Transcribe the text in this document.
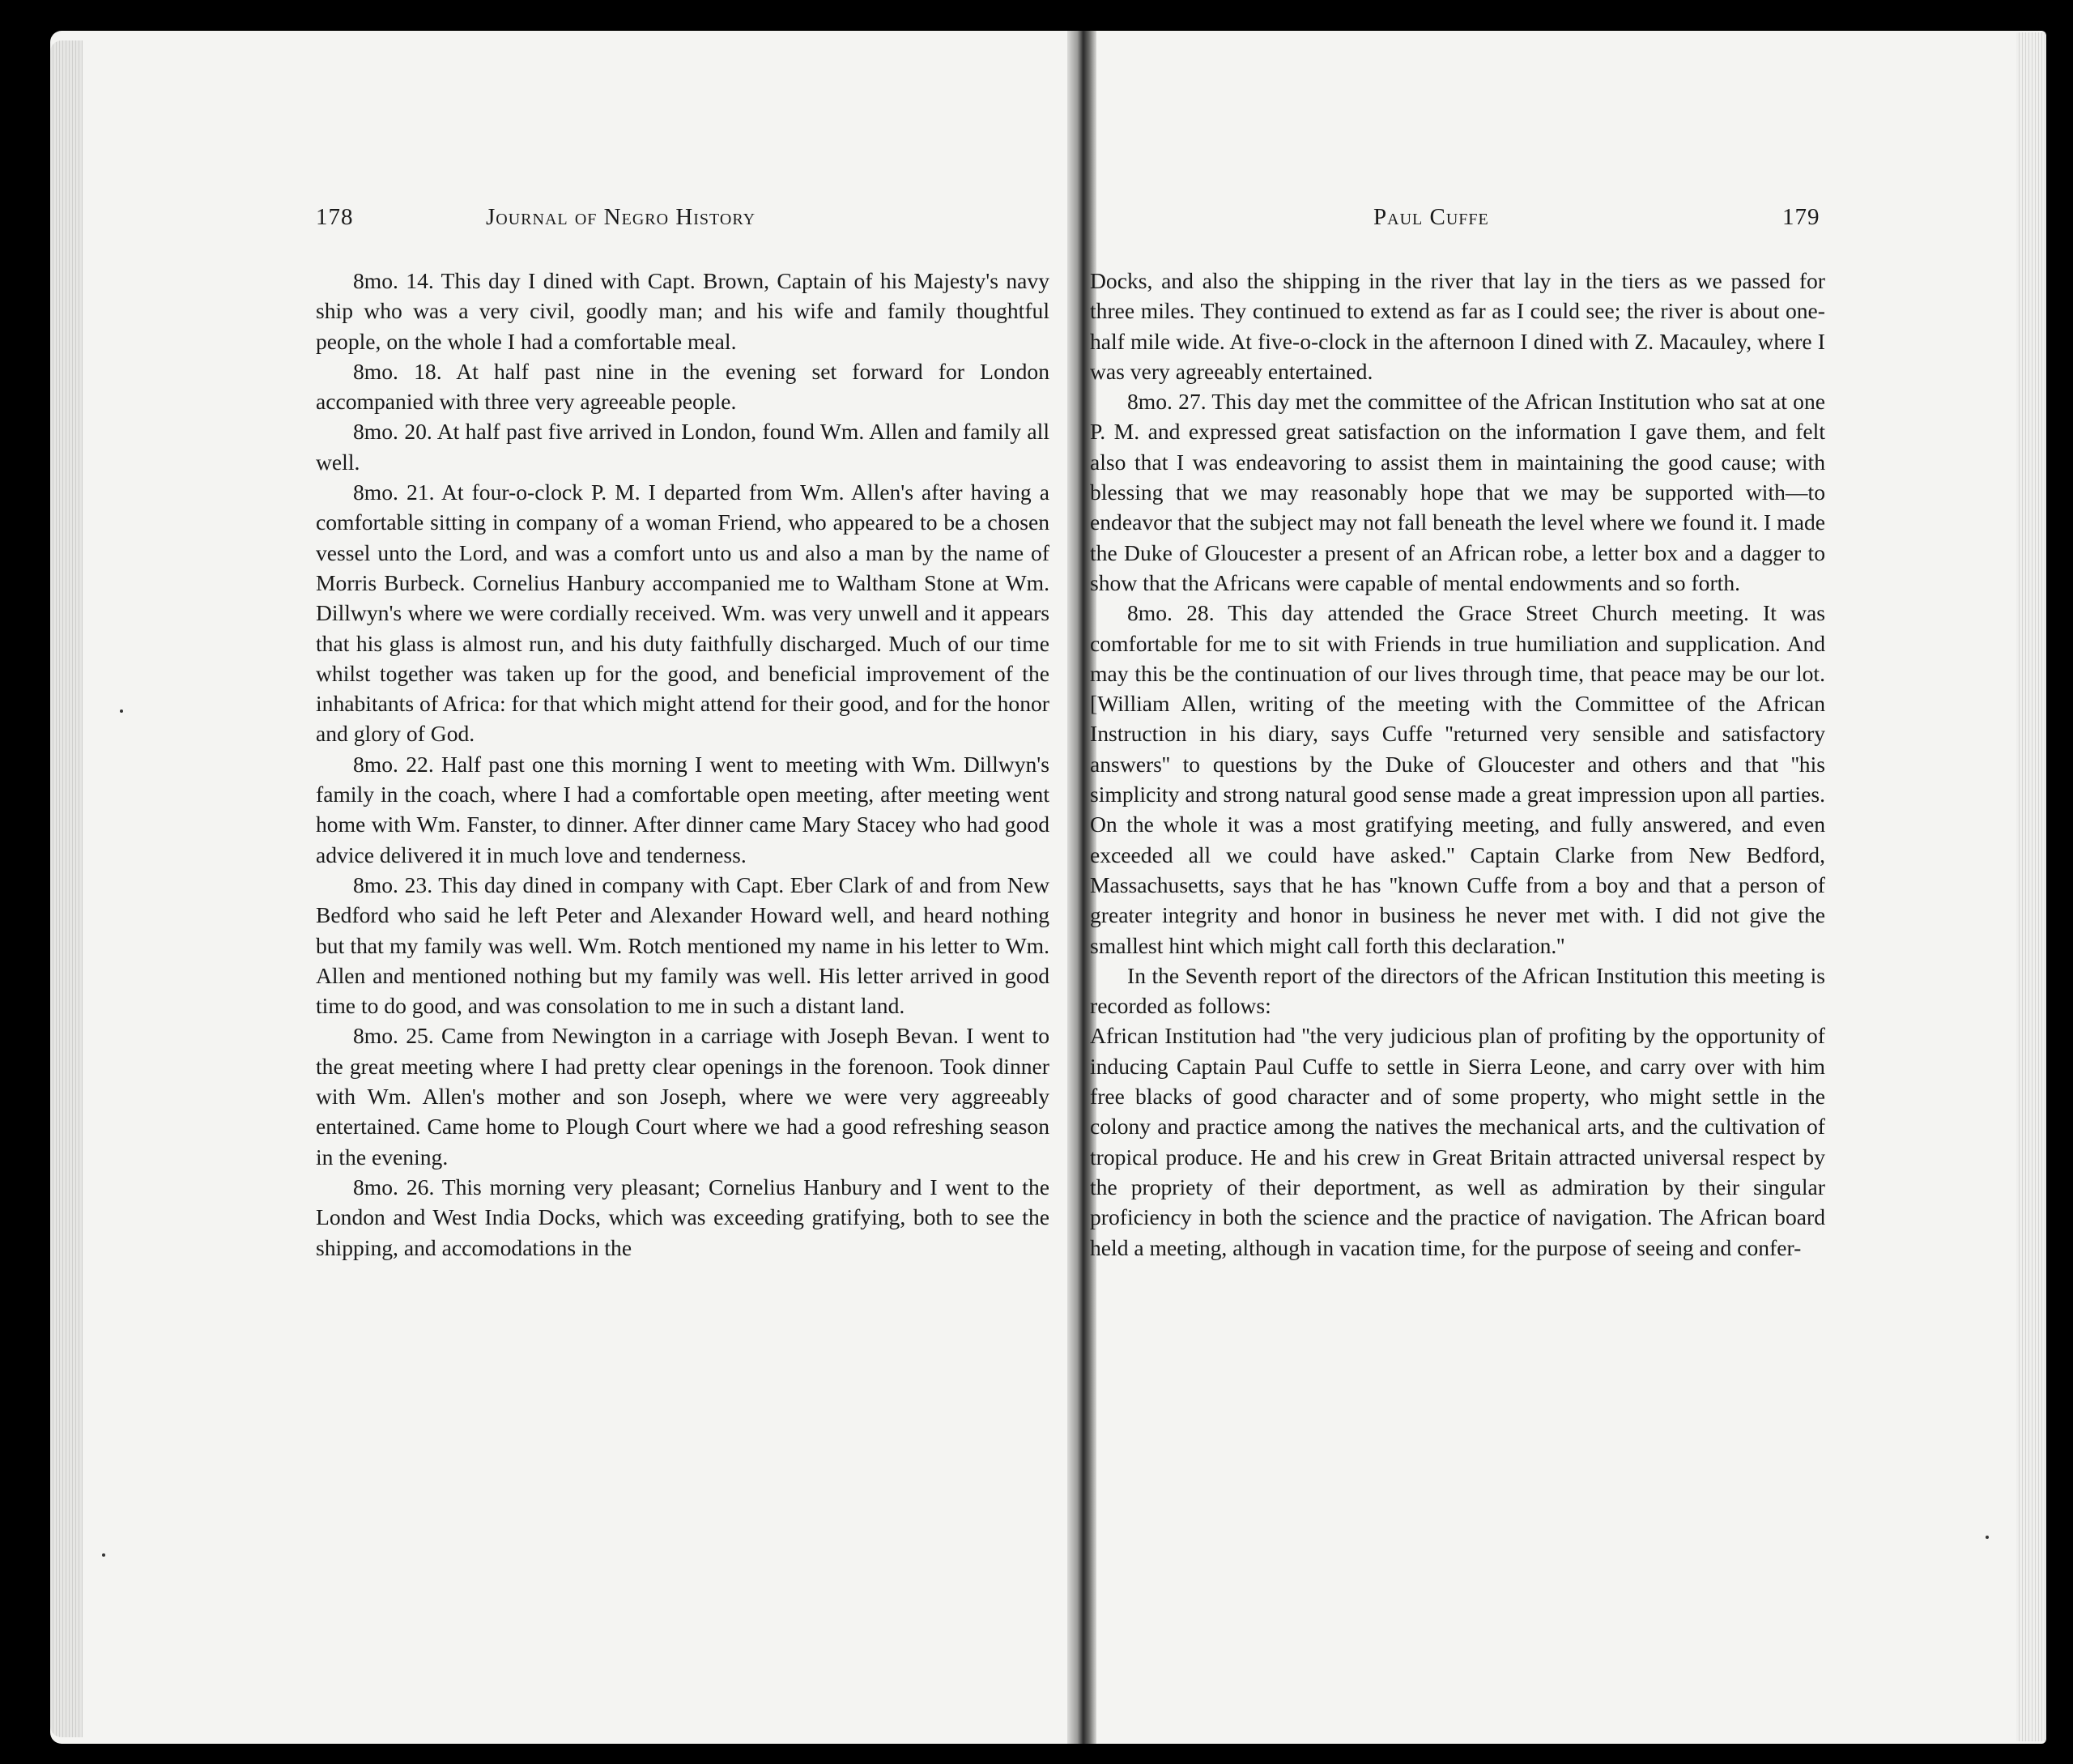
178	Journal of Negro History

8mo. 14. This day I dined with Capt. Brown, Captain of his Majesty's navy ship who was a very civil, goodly man; and his wife and family thoughtful people, on the whole I had a comfortable meal.

8mo. 18. At half past nine in the evening set forward for London accompanied with three very agreeable people.

8mo. 20. At half past five arrived in London, found Wm. Allen and family all well.

8mo. 21. At four-o-clock P. M. I departed from Wm. Allen's after having a comfortable sitting in company of a woman Friend, who appeared to be a chosen vessel unto the Lord, and was a comfort unto us and also a man by the name of Morris Burbeck. Cornelius Hanbury accompanied me to Waltham Stone at Wm. Dillwyn's where we were cordially received. Wm. was very unwell and it appears that his glass is almost run, and his duty faithfully discharged. Much of our time whilst together was taken up for the good, and beneficial improvement of the inhabitants of Africa: for that which might attend for their good, and for the honor and glory of God.

8mo. 22. Half past one this morning I went to meeting with Wm. Dillwyn's family in the coach, where I had a comfortable open meeting, after meeting went home with Wm. Fanster, to dinner. After dinner came Mary Stacey who had good advice delivered it in much love and tenderness.

8mo. 23. This day dined in company with Capt. Eber Clark of and from New Bedford who said he left Peter and Alexander Howard well, and heard nothing but that my family was well. Wm. Rotch mentioned my name in his letter to Wm. Allen and mentioned nothing but my family was well. His letter arrived in good time to do good, and was consolation to me in such a distant land.

8mo. 25. Came from Newington in a carriage with Joseph Bevan. I went to the great meeting where I had pretty clear openings in the forenoon. Took dinner with Wm. Allen's mother and son Joseph, where we were very aggreeably entertained. Came home to Plough Court where we had a good refreshing season in the evening.

8mo. 26. This morning very pleasant; Cornelius Hanbury and I went to the London and West India Docks, which was exceeding gratifying, both to see the shipping, and accomodations in the

Paul Cuffe	179

Docks, and also the shipping in the river that lay in the tiers as we passed for three miles. They continued to extend as far as I could see; the river is about one-half mile wide. At five-o-clock in the afternoon I dined with Z. Macauley, where I was very agreeably entertained.

8mo. 27. This day met the committee of the African Institution who sat at one P. M. and expressed great satisfaction on the information I gave them, and felt also that I was endeavoring to assist them in maintaining the good cause; with blessing that we may reasonably hope that we may be supported with—to endeavor that the subject may not fall beneath the level where we found it. I made the Duke of Gloucester a present of an African robe, a letter box and a dagger to show that the Africans were capable of mental endowments and so forth.

8mo. 28. This day attended the Grace Street Church meeting. It was comfortable for me to sit with Friends in true humiliation and supplication. And may this be the continuation of our lives through time, that peace may be our lot. [William Allen, writing of the meeting with the Committee of the African Instruction in his diary, says Cuffe ''returned very sensible and satisfactory answers'' to questions by the Duke of Gloucester and others and that ''his simplicity and strong natural good sense made a great impression upon all parties. On the whole it was a most gratifying meeting, and fully answered, and even exceeded all we could have asked.'' Captain Clarke from New Bedford, Massachusetts, says that he has ''known Cuffe from a boy and that a person of greater integrity and honor in business he never met with. I did not give the smallest hint which might call forth this declaration.''

In the Seventh report of the directors of the African Institution this meeting is recorded as follows:

African Institution had ''the very judicious plan of profiting by the opportunity of inducing Captain Paul Cuffe to settle in Sierra Leone, and carry over with him free blacks of good character and of some property, who might settle in the colony and practice among the natives the mechanical arts, and the cultivation of tropical produce. He and his crew in Great Britain attracted universal respect by the propriety of their deportment, as well as admiration by their singular proficiency in both the science and the practice of navigation. The African board held a meeting, although in vacation time, for the purpose of seeing and confer-
